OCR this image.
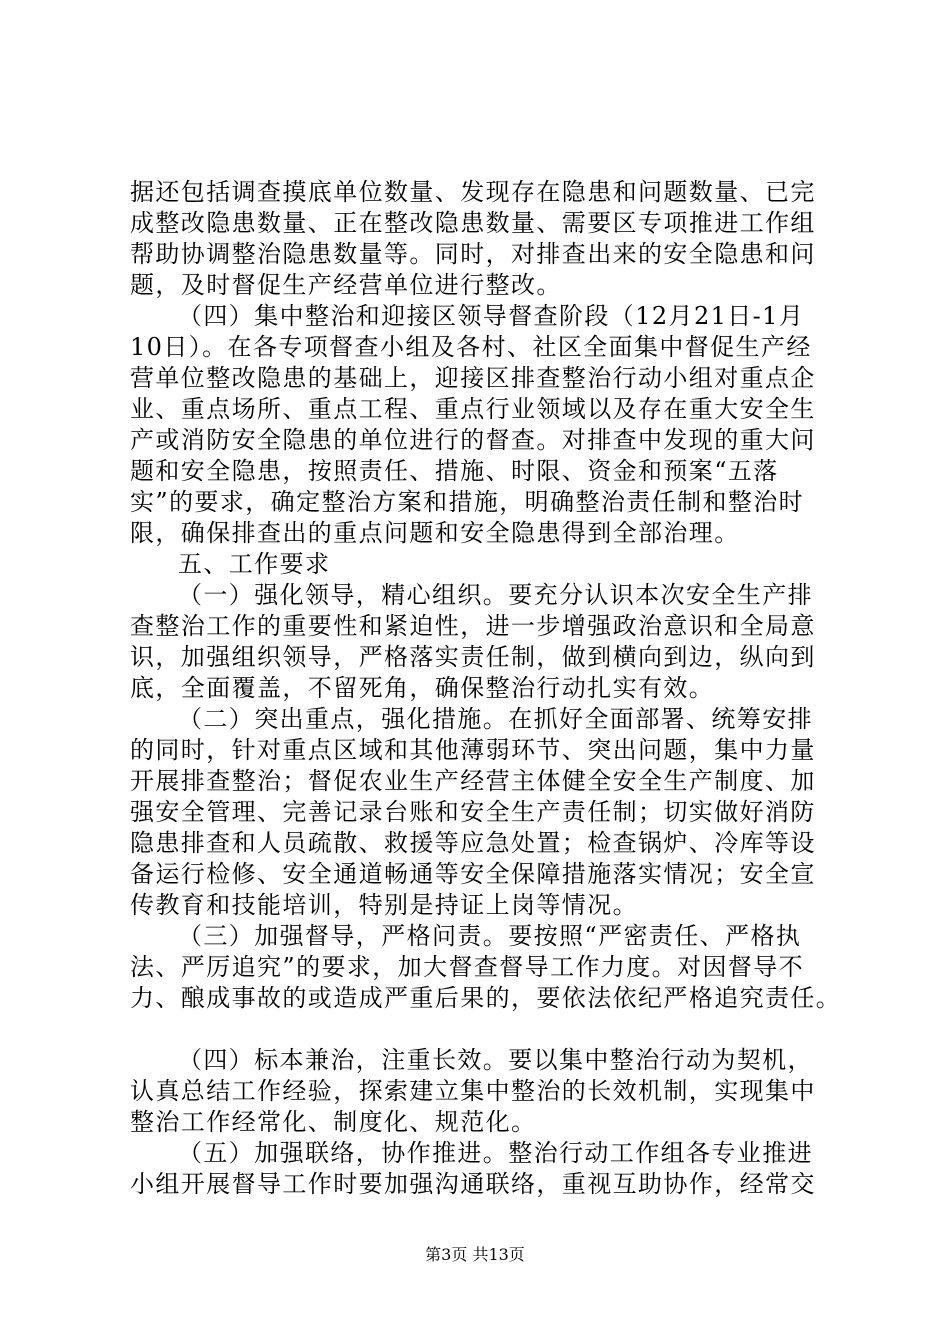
据还包括调查摸底单位数量、发现存在隐患和问题数量、已完
成整改隐患数量、正在整改隐患数量、需要区专项推进工作组
帮助协调整治隐患数量等。同时，对排查出来的安全隐患和问
题，及时督促生产经营单位进行整改。
（四）集中整治和迎接区领导督查阶段（12月21日-1月
10日）。在各专项督查小组及各村、社区全面集中督促生产经
营单位整改隐患的基础上，迎接区排查整治行动小组对重点企
业、重点场所、重点工程、重点行业领域以及存在重大安全生
产或消防安全隐患的单位进行的督查。对排查中发现的重大问
题和安全隐患，按照责任、措施、时限、资金和预案“五落
实”的要求，确定整治方案和措施，明确整治责任制和整治时
限，确保排查出的重点问题和安全隐患得到全部治理。
五、工作要求
（一）强化领导，精心组织。要充分认识本次安全生产排
查整治工作的重要性和紧迫性，进一步增强政治意识和全局意
识，加强组织领导，严格落实责任制，做到横向到边，纵向到
底，全面覆盖，不留死角，确保整治行动扎实有效。
（二）突出重点，强化措施。在抓好全面部署、统筹安排
的同时，针对重点区域和其他薄弱环节、突出问题，集中力量
开展排查整治；督促农业生产经营主体健全安全生产制度、加
强安全管理、完善记录台账和安全生产责任制；切实做好消防
隐患排查和人员疏散、救援等应急处置；检查锅炉、冷库等设
备运行检修、安全通道畅通等安全保障措施落实情况；安全宣
传教育和技能培训，特别是持证上岗等情况。
（三）加强督导，严格问责。要按照“严密责任、严格执
法、严厉追究”的要求，加大督查督导工作力度。对因督导不
力、酿成事故的或造成严重后果的，要依法依纪严格追究责任。
（四）标本兼治，注重长效。要以集中整治行动为契机，
认真总结工作经验，探索建立集中整治的长效机制，实现集中
整治工作经常化、制度化、规范化。
（五）加强联络，协作推进。整治行动工作组各专业推进
小组开展督导工作时要加强沟通联络，重视互助协作，经常交
第3页 共13页
